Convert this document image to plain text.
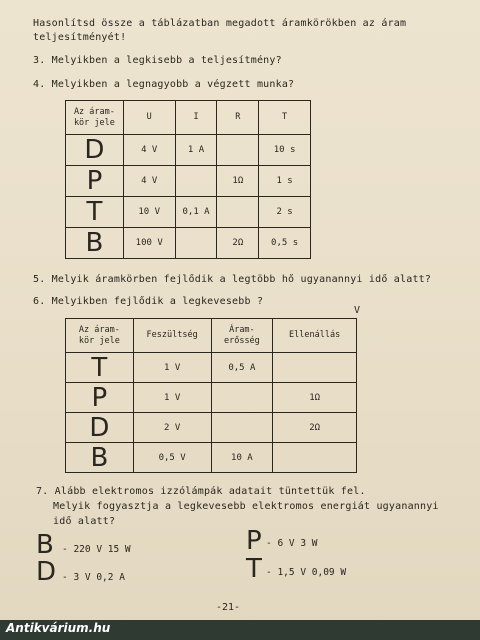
Hasonlítsd össze a táblázatban megadott áramkörökben az áram
teljesítményét!
3. Melyikben a legkisebb a teljesítmény?
4. Melyikben a legnagyobb a végzett munka?
Az áram-
kör jele	U	I	R	T
D	4 V	1 A		10 s
P	4 V		1Ω	1 s
T	10 V	0,1 A		2 s
B	100 V		2Ω	0,5 s
5. Melyik áramkörben fejlődik a legtöbb hő ugyanannyi idő alatt?
6. Melyikben fejlődik a legkevesebb ?
V
Az áram-
kör jele	Feszültség	Áram-
erősség	Ellenállás
T	1 V	0,5 A	
P	1 V		1Ω
D	2 V		2Ω
B	0,5 V	10 A	
7. Alább elektromos izzólámpák adatait tüntettük fel.
Melyik fogyasztja a legkevesebb elektromos energiát ugyanannyi
idő alatt?
B - 220 V 15 W	P - 6 V 3 W
D - 3 V 0,2 A	T - 1,5 V 0,09 W
-21-
Antikvárium.hu
